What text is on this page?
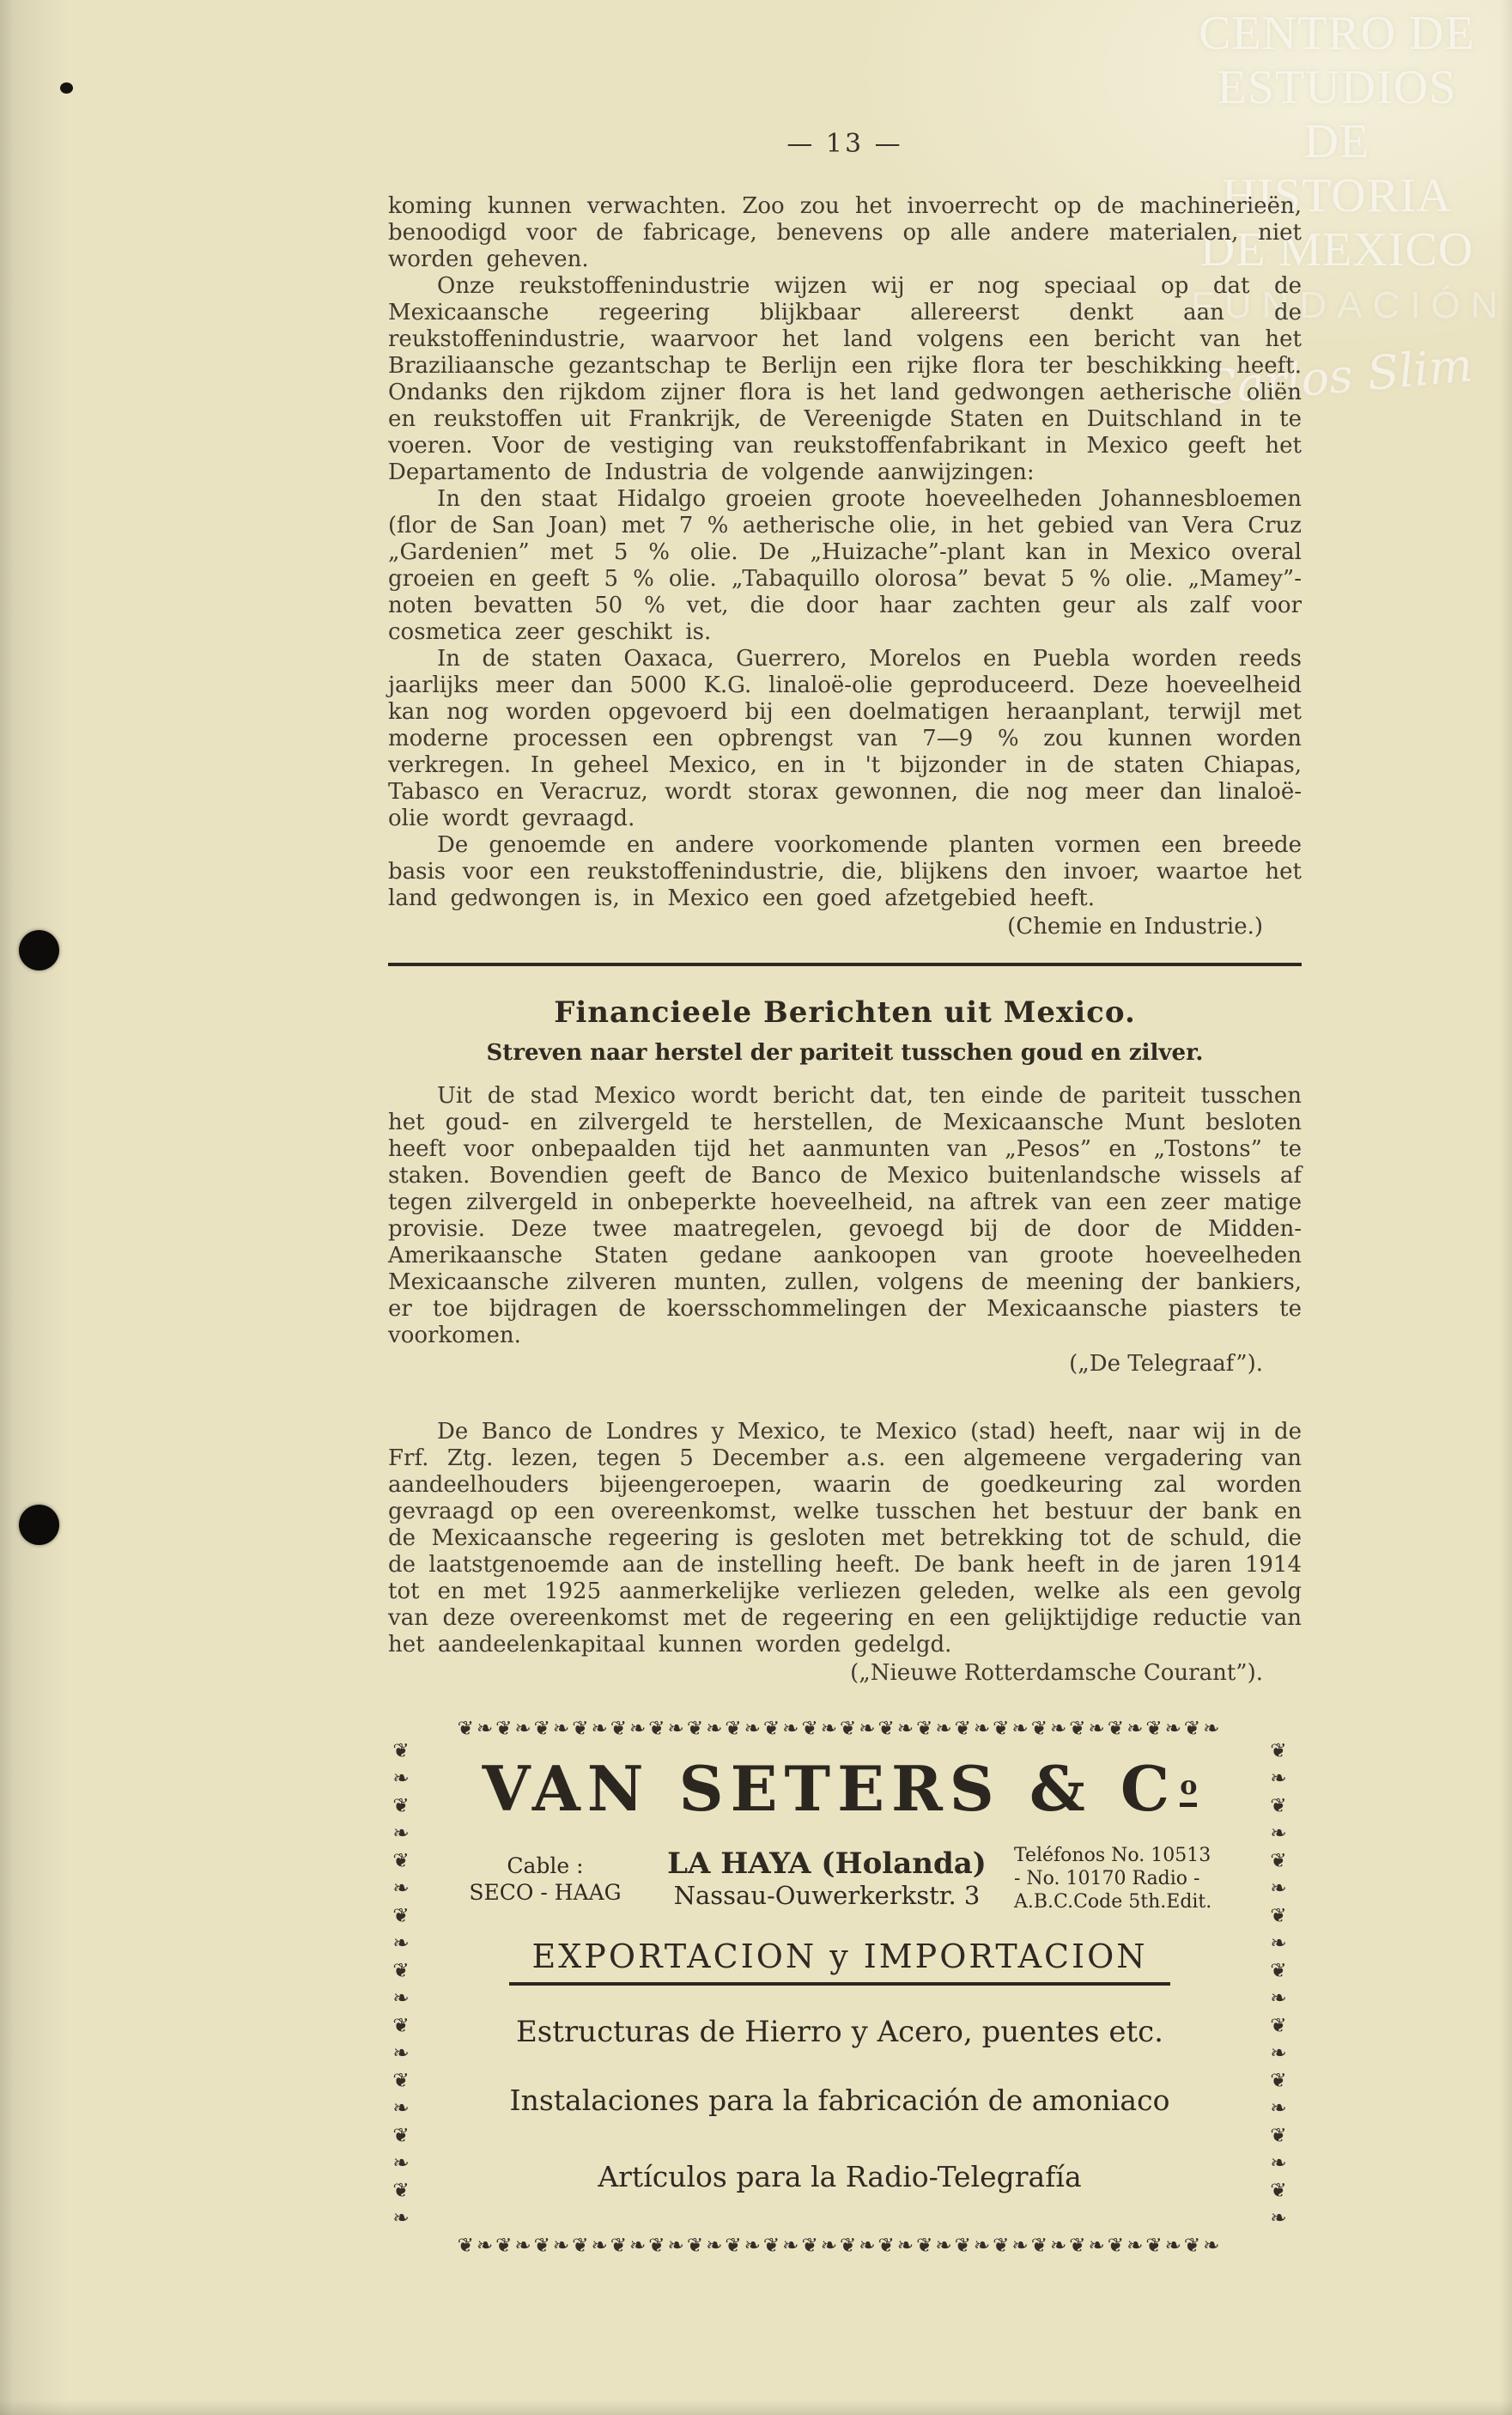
CENTRO DE
ESTUDIOS
DE HISTORIA
DE MEXICO
FUNDACIÓN
Carlos Slim
— 13 —

koming kunnen verwachten. Zoo zou het invoerrecht op de machinerieën, benoodigd voor de fabricage, benevens op alle andere materialen, niet worden geheven.

Onze reukstoffenindustrie wijzen wij er nog speciaal op dat de Mexicaansche regeering blijkbaar allereerst denkt aan de reukstoffenindustrie, waarvoor het land volgens een bericht van het Braziliaansche gezantschap te Berlijn een rijke flora ter beschikking heeft. Ondanks den rijkdom zijner flora is het land gedwongen aetherische oliën en reukstoffen uit Frankrijk, de Vereenigde Staten en Duitschland in te voeren. Voor de vestiging van reukstoffenfabrikant in Mexico geeft het Departamento de Industria de volgende aanwijzingen:

In den staat Hidalgo groeien groote hoeveelheden Johannesbloemen (flor de San Joan) met 7 % aetherische olie, in het gebied van Vera Cruz „Gardenien” met 5 % olie. De „Huizache”-plant kan in Mexico overal groeien en geeft 5 % olie. „Tabaquillo olorosa” bevat 5 % olie. „Mamey”-noten bevatten 50 % vet, die door haar zachten geur als zalf voor cosmetica zeer geschikt is.

In de staten Oaxaca, Guerrero, Morelos en Puebla worden reeds jaarlijks meer dan 5000 K.G. linaloë-olie geproduceerd. Deze hoeveelheid kan nog worden opgevoerd bij een doelmatigen heraanplant, terwijl met moderne processen een opbrengst van 7—9 % zou kunnen worden verkregen. In geheel Mexico, en in 't bijzonder in de staten Chiapas, Tabasco en Veracruz, wordt storax gewonnen, die nog meer dan linaloë-olie wordt gevraagd.

De genoemde en andere voorkomende planten vormen een breede basis voor een reukstoffenindustrie, die, blijkens den invoer, waartoe het land gedwongen is, in Mexico een goed afzetgebied heeft.

(Chemie en Industrie.)
Financieele Berichten uit Mexico.
Streven naar herstel der pariteit tusschen goud en zilver.

Uit de stad Mexico wordt bericht dat, ten einde de pariteit tusschen het goud- en zilvergeld te herstellen, de Mexicaansche Munt besloten heeft voor onbepaalden tijd het aanmunten van „Pesos” en „Tostons” te staken. Bovendien geeft de Banco de Mexico buitenlandsche wissels af tegen zilvergeld in onbeperkte hoeveelheid, na aftrek van een zeer matige provisie. Deze twee maatregelen, gevoegd bij de door de Midden-Amerikaansche Staten gedane aankoopen van groote hoeveelheden Mexicaansche zilveren munten, zullen, volgens de meening der bankiers, er toe bijdragen de koersschommelingen der Mexicaansche piasters te voorkomen.

(„De Telegraaf”).

De Banco de Londres y Mexico, te Mexico (stad) heeft, naar wij in de Frf. Ztg. lezen, tegen 5 December a.s. een algemeene vergadering van aandeelhouders bijeengeroepen, waarin de goedkeuring zal worden gevraagd op een overeenkomst, welke tusschen het bestuur der bank en de Mexicaansche regeering is gesloten met betrekking tot de schuld, die de laatstgenoemde aan de instelling heeft. De bank heeft in de jaren 1914 tot en met 1925 aanmerkelijke verliezen geleden, welke als een gevolg van deze overeenkomst met de regeering en een gelijktijdige reductie van het aandeelenkapitaal kunnen worden gedelgd.

(„Nieuwe Rotterdamsche Courant”).
❦❧❦❧❦❧❦❧❦❧❦❧❦❧❦❧❦❧❦❧❦❧❦❧❦❧❦❧❦❧❦❧❦❧❦❧❦❧❦❧
❦❧❦❧❦❧❦❧❦❧❦❧❦❧❦❧❦❧	VAN SETERS & C $^o$
Cable :
SECO - HAAG
LA HAYA (Holanda)
Nassau-Ouwerkerkstr. 3
Teléfonos No. 10513
- No. 10170 Radio -
A.B.C.Code 5th.Edit.
EXPORTACION y IMPORTACION
Estructuras de Hierro y Acero, puentes etc.
Instalaciones para la fabricación de amoniaco
Artículos para la Radio-Telegrafía	❦❧❦❧❦❧❦❧❦❧❦❧❦❧❦❧❦❧
❦❧❦❧❦❧❦❧❦❧❦❧❦❧❦❧❦❧❦❧❦❧❦❧❦❧❦❧❦❧❦❧❦❧❦❧❦❧❦❧
